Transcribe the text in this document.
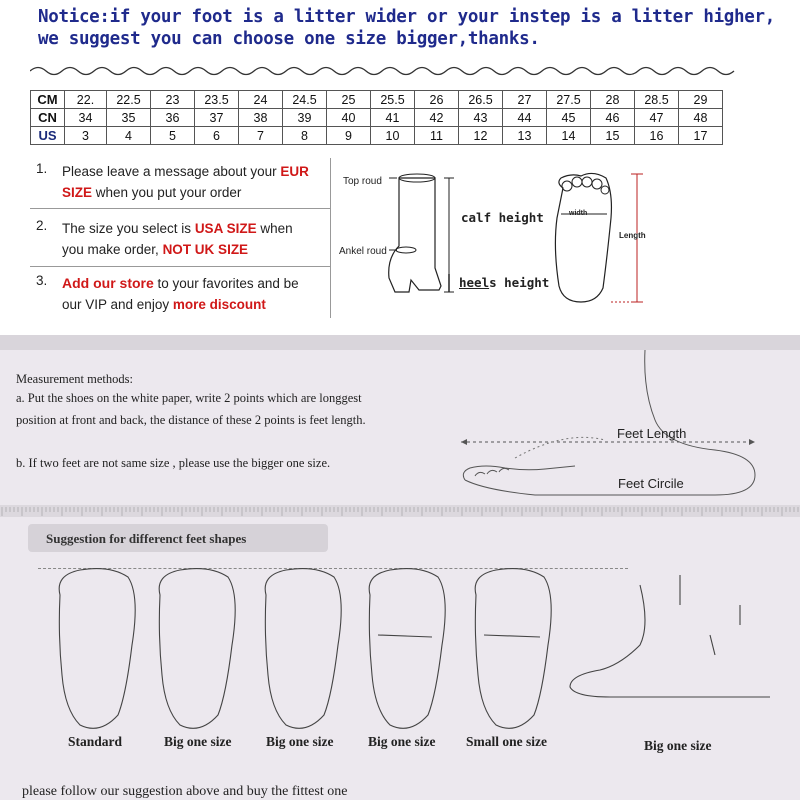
Notice:if your foot is a litter wider or your instep is a litter higher,
we suggest you can choose one size bigger,thanks.
CM	22.	22.5	23	23.5	24	24.5	25	25.5	26	26.5	27	27.5	28	28.5	29
CN	34	35	36	37	38	39	40	41	42	43	44	45	46	47	48
US	3	4	5	6	7	8	9	10	11	12	13	14	15	16	17
1. Please leave a message about your EUR
SIZE when you put your order
2. The size you select is USA SIZE when
you make order, NOT UK SIZE
3. Add our store to your favorites and be
our VIP and enjoy more discount
Top roud
Ankel roud
calf height
heels height
width
Length
Measurement methods:
a. Put the shoes on the white paper, write 2 points which are longgest
position at front and back, the distance of these 2 points is feet length.
b. If two feet are not same size , please use the bigger one size.
Feet Length
Feet Circile
Suggestion for differenct feet shapes
Standard	Big one size	Big one size	Big one size Small one size	Big one size
please follow our suggestion above and buy the fittest one
